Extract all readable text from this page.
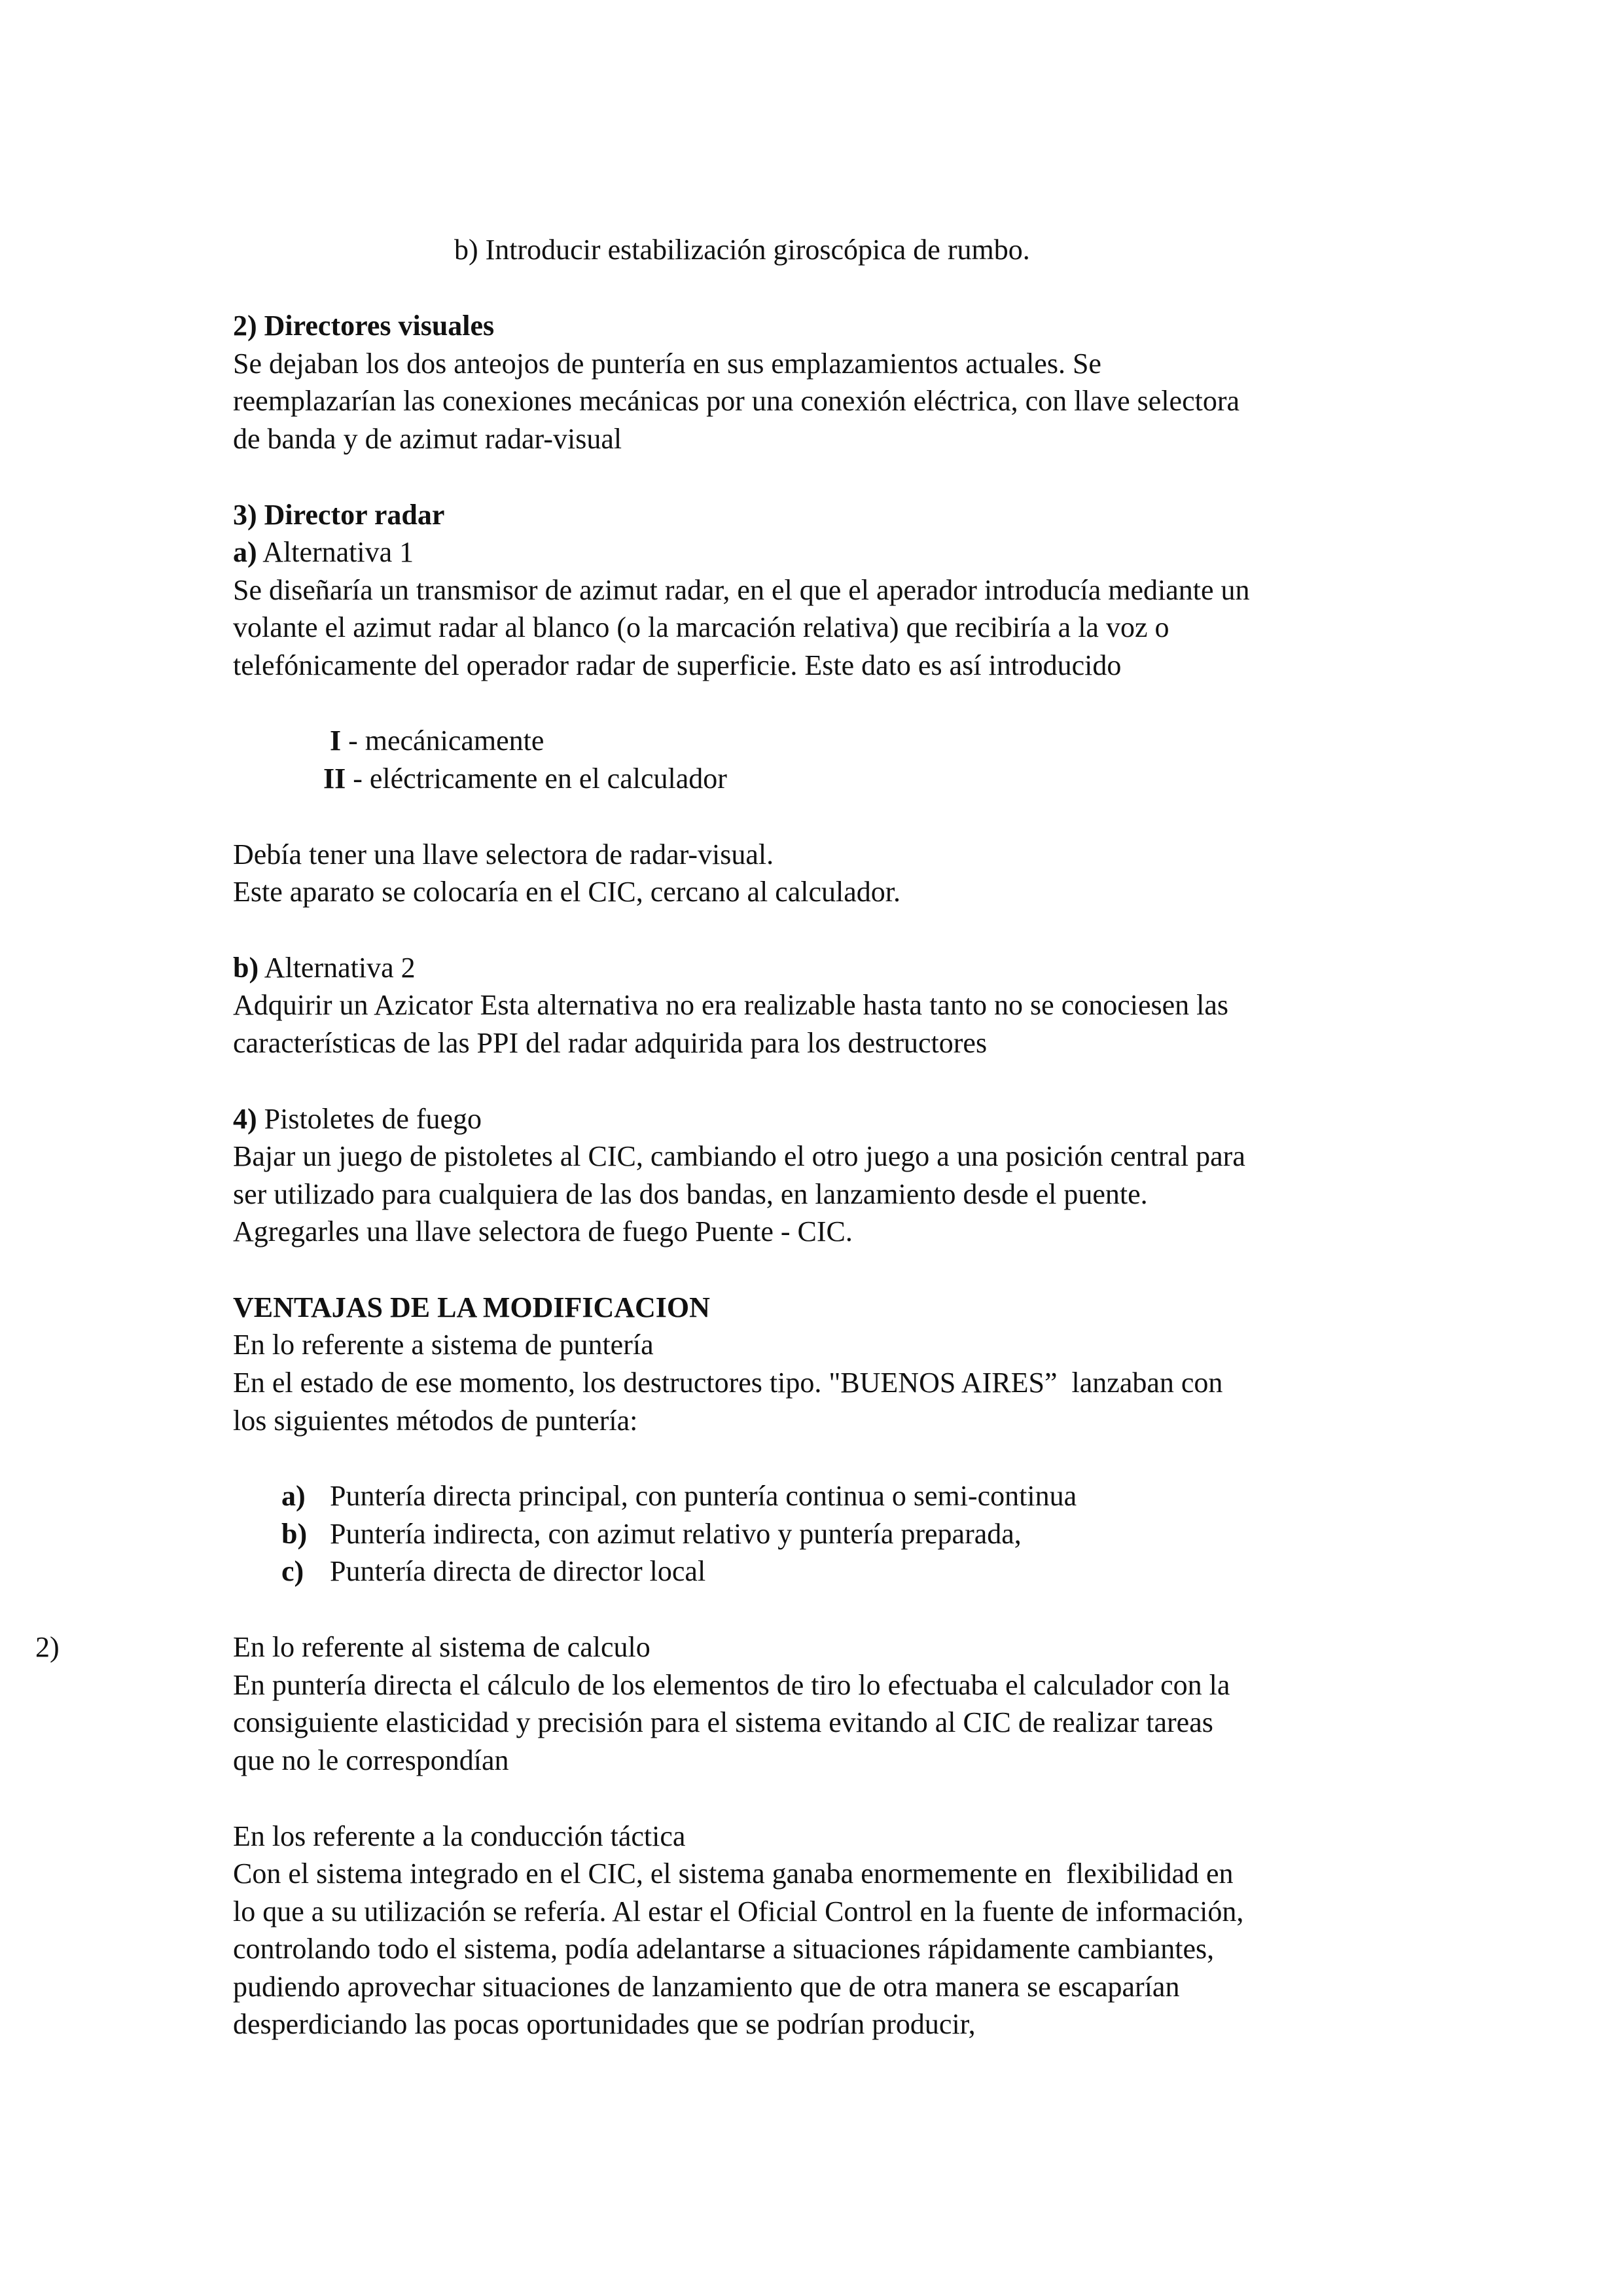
b) Introducir estabilización giroscópica de rumbo.
2) Directores visuales
Se dejaban los dos anteojos de puntería en sus emplazamientos actuales. Se
reemplazarían las conexiones mecánicas por una conexión eléctrica, con llave selectora
de banda y de azimut radar-visual
3) Director radar
a) Alternativa 1
Se diseñaría un transmisor de azimut radar, en el que el aperador introducía mediante un
volante el azimut radar al blanco (o la marcación relativa) que recibiría a la voz o
telefónicamente del operador radar de superficie. Este dato es así introducido
I - mecánicamente
II - eléctricamente en el calculador
Debía tener una llave selectora de radar-visual.
Este aparato se colocaría en el CIC, cercano al calculador.
b) Alternativa 2
Adquirir un Azicator Esta alternativa no era realizable hasta tanto no se conociesen las
características de las PPI del radar adquirida para los destructores
4) Pistoletes de fuego
Bajar un juego de pistoletes al CIC, cambiando el otro juego a una posición central para
ser utilizado para cualquiera de las dos bandas, en lanzamiento desde el puente.
Agregarles una llave selectora de fuego Puente - CIC.
VENTAJAS DE LA MODIFICACION
En lo referente a sistema de puntería
En el estado de ese momento, los destructores tipo. "BUENOS AIRES”  lanzaban con
los siguientes métodos de puntería:
a) Puntería directa principal, con puntería continua o semi-continua
b) Puntería indirecta, con azimut relativo y puntería preparada,
c) Puntería directa de director local
2)	En lo referente al sistema de calculo
En puntería directa el cálculo de los elementos de tiro lo efectuaba el calculador con la
consiguiente elasticidad y precisión para el sistema evitando al CIC de realizar tareas
que no le correspondían
En los referente a la conducción táctica
Con el sistema integrado en el CIC, el sistema ganaba enormemente en  flexibilidad en
lo que a su utilización se refería. Al estar el Oficial Control en la fuente de información,
controlando todo el sistema, podía adelantarse a situaciones rápidamente cambiantes,
pudiendo aprovechar situaciones de lanzamiento que de otra manera se escaparían
desperdiciando las pocas oportunidades que se podrían producir,
